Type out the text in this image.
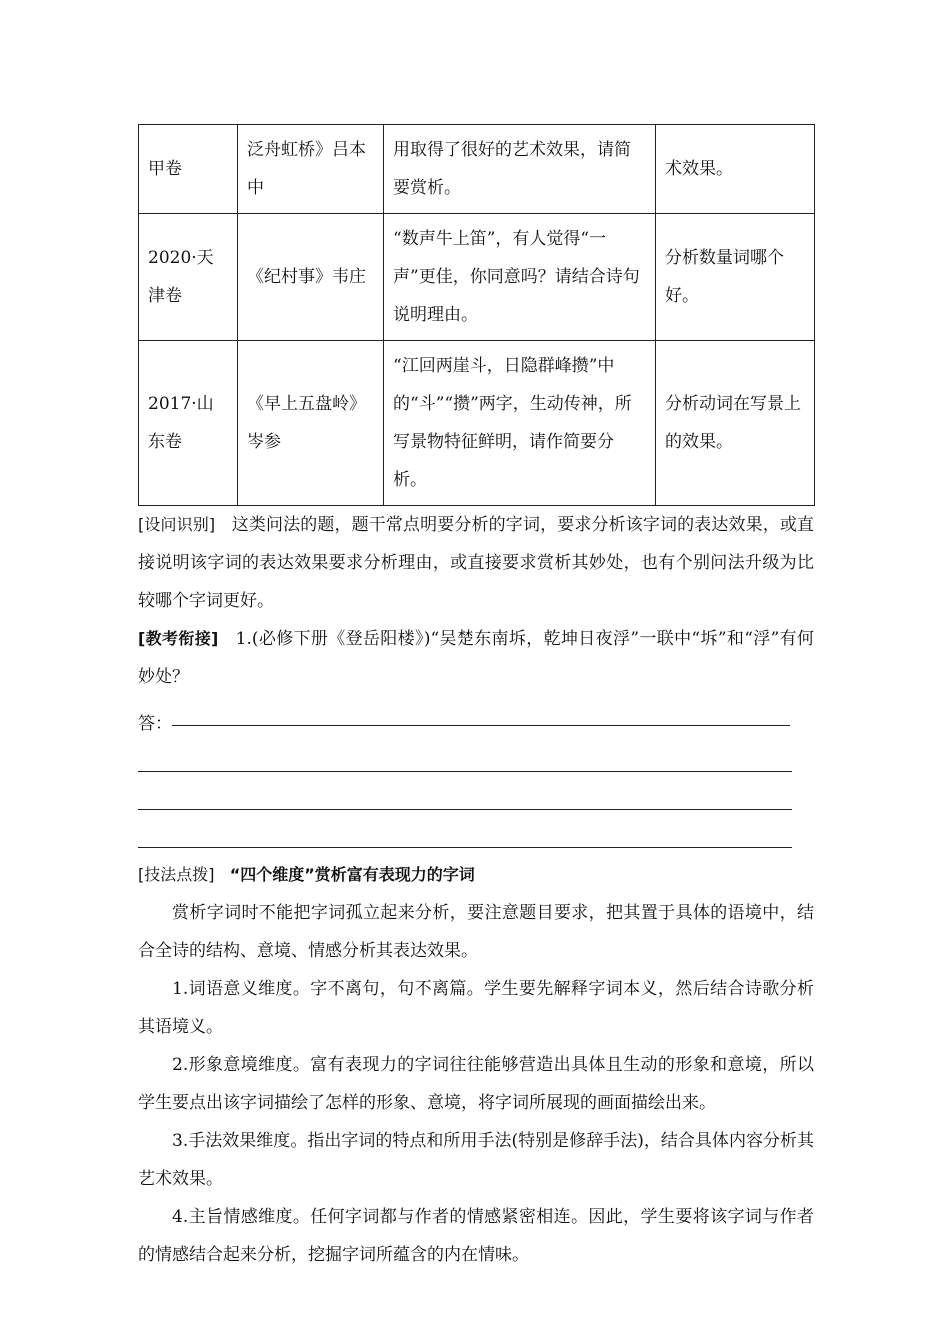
甲卷	泛舟虹桥》吕本中	用取得了很好的艺术效果，请简要赏析。	术效果。
2020·天津卷	《纪村事》韦庄	“数声牛上笛”，有人觉得“一声”更佳，你同意吗？请结合诗句说明理由。	分析数量词哪个好。
2017·山东卷	《早上五盘岭》岑参	“江回两崖斗，日隐群峰攒”中的“斗”“攒”两字，生动传神，所写景物特征鲜明，请作简要分析。	分析动词在写景上的效果。

[设问识别] 这类问法的题，题干常点明要分析的字词，要求分析该字词的表达效果，或直接说明该字词的表达效果要求分析理由，或直接要求赏析其妙处，也有个别问法升级为比较哪个字词更好。

[教考衔接] 1.(必修下册《登岳阳楼》)“吴楚东南坼，乾坤日夜浮”一联中“坼”和“浮”有何妙处？

答：
[技法点拨] “四个维度”赏析富有表现力的字词

赏析字词时不能把字词孤立起来分析，要注意题目要求，把其置于具体的语境中，结合全诗的结构、意境、情感分析其表达效果。

1.词语意义维度。字不离句，句不离篇。学生要先解释字词本义，然后结合诗歌分析其语境义。

2.形象意境维度。富有表现力的字词往往能够营造出具体且生动的形象和意境，所以学生要点出该字词描绘了怎样的形象、意境，将字词所展现的画面描绘出来。

3.手法效果维度。指出字词的特点和所用手法(特别是修辞手法)，结合具体内容分析其艺术效果。

4.主旨情感维度。任何字词都与作者的情感紧密相连。因此，学生要将该字词与作者的情感结合起来分析，挖掘字词所蕴含的内在情味。
